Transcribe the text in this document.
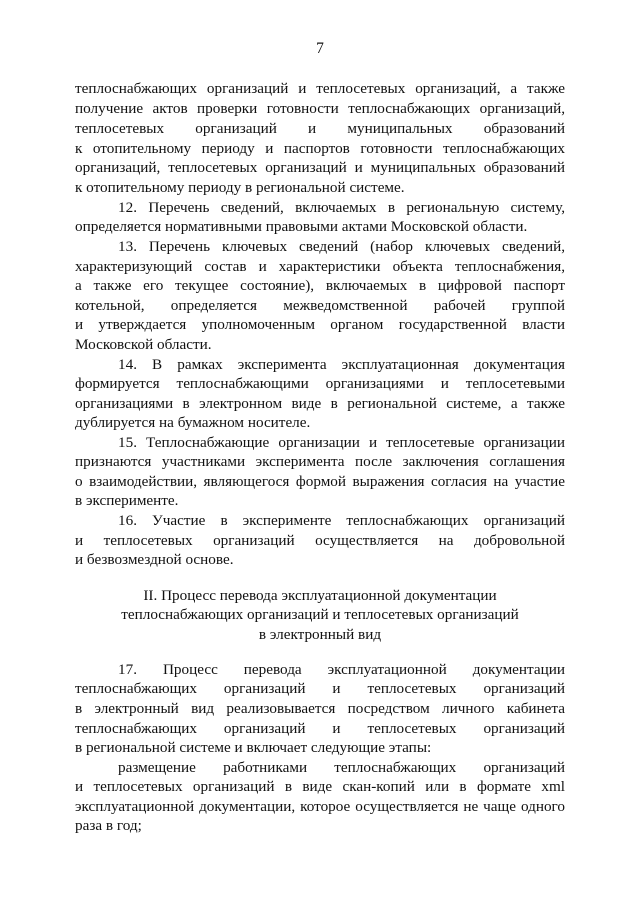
7
теплоснабжающих организаций и теплосетевых организаций, а также
получение актов проверки готовности теплоснабжающих организаций,
теплосетевых организаций и муниципальных образований
к отопительному периоду и паспортов готовности теплоснабжающих
организаций, теплосетевых организаций и муниципальных образований
к отопительному периоду в региональной системе.
12. Перечень сведений, включаемых в региональную систему,
определяется нормативными правовыми актами Московской области.
13. Перечень ключевых сведений (набор ключевых сведений,
характеризующий состав и характеристики объекта теплоснабжения,
а также его текущее состояние), включаемых в цифровой паспорт
котельной, определяется межведомственной рабочей группой
и утверждается уполномоченным органом государственной власти
Московской области.
14. В рамках эксперимента эксплуатационная документация
формируется теплоснабжающими организациями и теплосетевыми
организациями в электронном виде в региональной системе, а также
дублируется на бумажном носителе.
15. Теплоснабжающие организации и теплосетевые организации
признаются участниками эксперимента после заключения соглашения
о взаимодействии, являющегося формой выражения согласия на участие
в эксперименте.
16. Участие в эксперименте теплоснабжающих организаций
и теплосетевых организаций осуществляется на добровольной
и безвозмездной основе.
II. Процесс перевода эксплуатационной документации
теплоснабжающих организаций и теплосетевых организаций
в электронный вид
17. Процесс перевода эксплуатационной документации
теплоснабжающих организаций и теплосетевых организаций
в электронный вид реализовывается посредством личного кабинета
теплоснабжающих организаций и теплосетевых организаций
в региональной системе и включает следующие этапы:
размещение работниками теплоснабжающих организаций
и теплосетевых организаций в виде скан-копий или в формате xml
эксплуатационной документации, которое осуществляется не чаще одного
раза в год;
